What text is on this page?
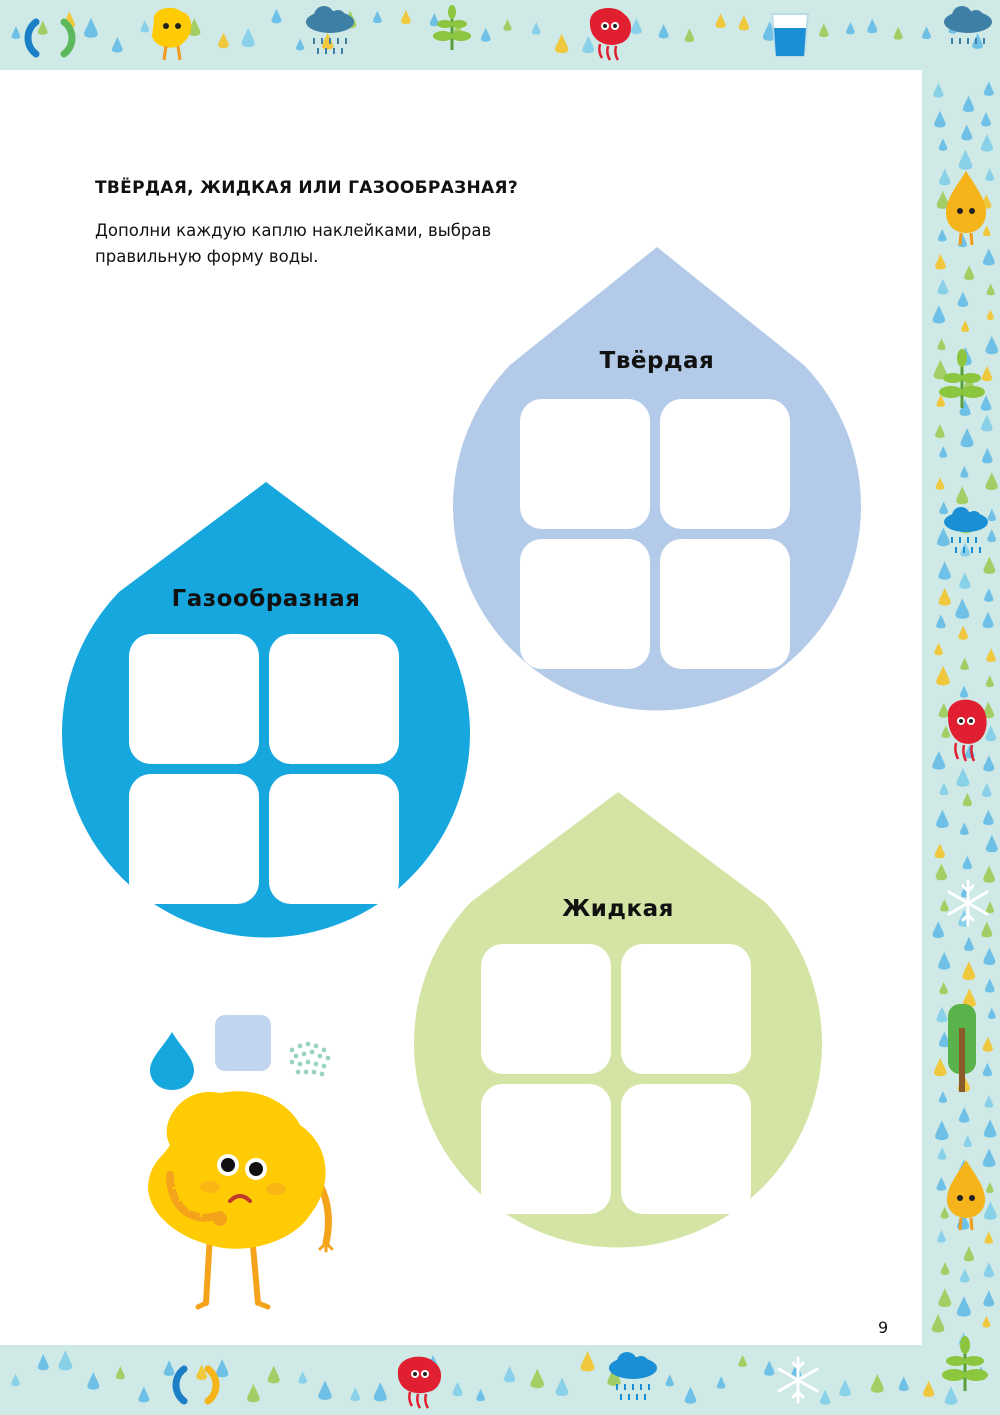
ТВЁРДАЯ, ЖИДКАЯ ИЛИ ГАЗООБРАЗНАЯ?

Дополни каждую каплю наклейками, выбрав правильную форму воды.

Твёрдая
Газообразная
Жидкая
9
